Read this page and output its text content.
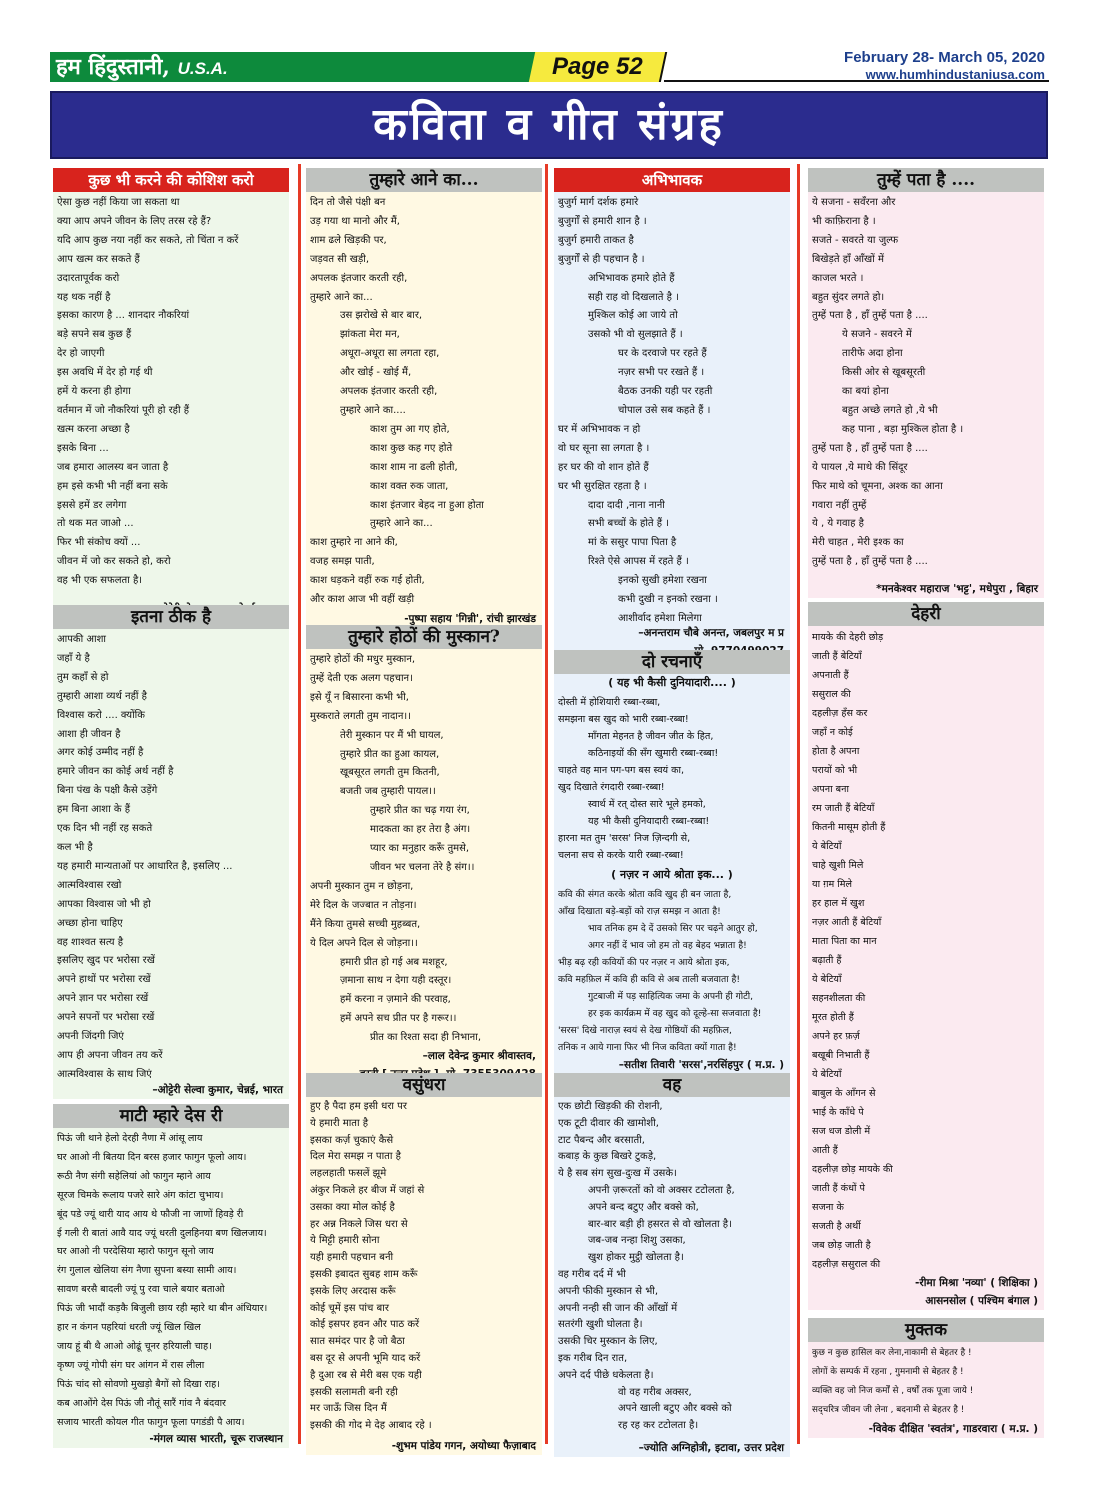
हम हिंदुस्तानी, U.S.A.	Page 52	February 28- March 05, 2020
www.humhindustaniusa.com
कविता व गीत संग्रह
कुछ भी करने की कोशिश करो
ऐसा कुछ नहीं किया जा सकता था
क्या आप अपने जीवन के लिए तरस रहे हैं?
यदि आप कुछ नया नहीं कर सकते, तो चिंता न करें
आप खत्म कर सकते हैं
उदारतापूर्वक करो
यह थक नहीं है
इसका कारण है ... शानदार नौकरियां
बड़े सपने सब कुछ हैं
देर हो जाएगी
इस अवधि में देर हो गई थी
हमें ये करना ही होगा
वर्तमान में जो नौकरियां पूरी हो रही हैं
खत्म करना अच्छा है
इसके बिना ...
जब हमारा आलस्य बन जाता है
हम इसे कभी भी नहीं बना सके
इससे हमें डर लगेगा
तो थक मत जाओ ...
फिर भी संकोच क्यों ...
जीवन में जो कर सकते हो, करो
वह भी एक सफलता है।
इतना ठीक है
आपकी आशा
जहाँ ये है
तुम कहाँ से हो
तुम्हारी आशा व्यर्थ नहीं है
विश्वास करो .... क्योंकि
आशा ही जीवन है
अगर कोई उम्मीद नहीं है
हमारे जीवन का कोई अर्थ नहीं है
बिना पंख के पक्षी कैसे उड़ेंगे
हम बिना आशा के हैं
एक दिन भी नहीं रह सकते
कल भी है
यह हमारी मान्यताओं पर आधारित है, इसलिए ...
आत्मविश्वास रखो
आपका विश्वास जो भी हो
अच्छा होना चाहिए
वह शाश्वत सत्य है
इसलिए खुद पर भरोसा रखें
अपने हाथों पर भरोसा रखें
अपने ज्ञान पर भरोसा रखें
अपने सपनों पर भरोसा रखें
अपनी जिंदगी जिएं
आप ही अपना जीवन तय करें
आत्मविश्वास के साथ जिएं
–ओट्टेरी सेल्वा कुमार, चेन्नई, भारत
माटी म्हारे देस री
पिऊं जी थाने हेलो देरही नैणा में आंसू लाय
घर आओ नी बितया दिन बरस हजार फागुन फूलो आय।
रूठी नैण संगी सहेलियां ओ फागुन म्हाने आय
सूरज चिमके रूलाय पजरे सारे अंग कांटा चुभाय।
बूंद पडे ज्यूं थारी याद आय थे फौजी ना जाणों हिवड़े री
ई गली री बातां आवै याद ज्यूं धरती दुलहिनया बण खिलजाय।
घर आओ नी परदेसिया म्हारो फागुन सूनो जाय
रंग गुलाल खेलिया संग नैणा सुपना बस्या सामी आय।
सावण बरसै बादली ज्यूं पु रवा चाले बयार बताओ
पिऊं जी भादौं कड़कै बिजुली छाय रही म्हारे था बीन अंधियार।
हार न कंगन पहरियां धरती ज्यूं खिल खिल
जाय हूं बी थै आओ ओढूं चूनर हरियाली चाह।
कृष्ण ज्यूं गोपी संग घर आंगन में रास लीला
पिऊं चांद सो सोवणो मुखड़ो बैगों सो दिखा राह।
कब आओंगे देस पिऊं जी नौतूं सारैं गांव नै बंदवार
सजाय भारती कोयल गीत फागुन फूला पगडंडी पै आय।
-मंगल व्यास भारती, चूरू राजस्थान
तुम्हारे आने का...
दिन तो जैसे पंक्षी बन
उड़ गया था मानो और मैं,
शाम ढले खिड़की पर,
जड़वत सी खड़ी,
अपलक इंतजार करती रही,
तुम्हारे आने का...
उस झरोखे से बार बार,
झांकता मेरा मन,
अधूरा-अधूरा सा लगता रहा,
और खोई - खोई मैं,
अपलक इंतजार करती रही,
तुम्हारे आने का....
काश तुम आ गए होते,
काश कुछ कह गए होते
काश शाम ना ढली होती,
काश वक्त रुक जाता,
काश इंतजार बेहद ना हुआ होता
तुम्हारे आने का...
काश तुम्हारे ना आने की,
वजह समझ पाती,
काश धड़कने वहीं रुक गई होती,
और काश आज भी वहीं खड़ी
-पुष्पा सहाय 'गिन्नी', रांची झारखंड
तुम्हारे होठों की मुस्कान?
तुम्हारे होठों की मधुर मुस्कान,
तुम्हें देती एक अलग पहचान।
इसे यूँ न बिसारना कभी भी,
मुस्कराते लगती तुम नादान।।
तेरी मुस्कान पर मैं भी घायल,
तुम्हारे प्रीत का हुआ कायल,
खूबसूरत लगती तुम कितनी,
बजती जब तुम्हारी पायल।।
तुम्हारे प्रीत का चढ़ गया रंग,
मादकता का हर तेरा है अंग।
प्यार का मनुहार करूँ तुमसे,
जीवन भर चलना तेरे है संग।।
अपनी मुस्कान तुम न छोड़ना,
मेरे दिल के जज्बात न तोड़ना।
मैंने किया तुमसे सच्ची मुहब्बत,
ये दिल अपने दिल से जोड़ना।।
हमारी प्रीत हो गई अब मशहूर,
ज़माना साथ न देगा यही दस्तूर।
हमें करना न ज़माने की परवाह,
हमें अपने सच प्रीत पर है गरूर।।
प्रीत का रिश्ता सदा ही निभाना,
–लाल देवेन्द्र कुमार श्रीवास्तव,
वसुंधरा
हुए है पैदा हम इसी धरा पर
ये हमारी माता है
इसका कर्ज़ चुकाएं कैसे
दिल मेरा समझ न पाता है
लहलहाती फसलें झूमे
अंकुर निकले हर बीज में जहां से
उसका क्या मोल कोई है
हर अन्न निकले जिस धरा से
ये मिट्टी हमारी सोना
यही हमारी पहचान बनी
इसकी इबादत सुबह शाम करूँ
इसके लिए अरदास करूँ
कोई चूमें इस पांच बार
कोई इसपर हवन और पाठ करें
सात समंदर पार है जो बैठा
बस दूर से अपनी भूमि याद करें
है दुआ रब से मेरी बस एक यही
इसकी सलामती बनी रही
मर जाऊँ जिस दिन मैं
इसकी की गोद मे देह आबाद रहे ।
-शुभम पांडेय गगन, अयोध्या फैज़ाबाद
अभिभावक
बुजुर्ग मार्ग दर्शक हमारे
बुजुर्गों से हमारी शान है ।
बुजुर्ग हमारी ताकत है
बुजुर्गों से ही पहचान है ।
अभिभावक हमारे होते हैं
सही राह वो दिखलाते है ।
मुश्किल कोई आ जाये तो
उसको भी वो सुलझाते हैं ।
घर के दरवाजे पर रहते हैं
नज़र सभी पर रखते हैं ।
बैठक उनकी यही पर रहती
चोपाल उसे सब कहते हैं ।
घर में अभिभावक न हो
वो घर सूना सा लगता है ।
हर घर की वो शान होते हैं
घर भी सुरक्षित रहता है ।
दादा दादी ,नाना नानी
सभी बच्चों के होते हैं ।
मां के ससुर पापा पिता है
रिश्ते ऐसे आपस में रहते हैं ।
इनको सुखी हमेशा रखना
कभी दुखी न इनको रखना ।
आशीर्वाद हमेशा मिलेगा
–अनन्तराम चौबे अनन्त, जबलपुर म प्र
दो रचनाएँ
( यह भी कैसी दुनियादारी.... )
दोस्ती में होशियारी रब्बा-रब्बा,
समझना बस खुद को भारी रब्बा-रब्बा!
माँगता मेहनत है जीवन जीत के हित,
कठिनाइयों की सँग खुमारी रब्बा-रब्बा!
चाहते वह मान पग-पग बस स्वयं का,
खुद दिखाते रंगदारी रब्बा-रब्बा!
स्वार्थ में रत् दोस्त सारे भूले हमको,
यह भी कैसी दुनियादारी रब्बा-रब्बा!
हारना मत तुम 'सरस' निज ज़िन्दगी से,
चलना सच से करके यारी रब्बा-रब्बा!
( नज़र न आये श्रोता इक... )
कवि की संगत करके श्रोता कवि खुद ही बन जाता है,
आँख दिखाता बड़े-बड़ों को राज़ समझ न आता है!
भाव तनिक हम दे दें उसको सिर पर चढ़ने आतुर हो,
अगर नहीं दें भाव जो हम तो वह बेहद भन्नाता है!
भीड़ बढ़ रही कवियों की पर नज़र न आये श्रोता इक,
कवि महफ़िल में कवि ही कवि से अब ताली बजवाता है!
गुटबाजी में पड़ साहित्यिक जमा के अपनी ही गोटी,
हर इक कार्यक्रम में वह खुद को दूल्हे-सा सजवाता है!
'सरस' दिखे नाराज़ स्वयं से देख गोष्ठियों की महफ़िल,
तनिक न आये गाना फिर भी निज कविता क्यों गाता है!
–सतीश तिवारी 'सरस',नरसिंहपुर ( म.प्र. )
वह
एक छोटी खिड़की की रोशनी,
एक टूटी दीवार की खामोशी,
टाट पैबन्द और बरसाती,
कबाड़ के कुछ बिखरे टुकड़े,
ये है सब संग सुख-दुःख में उसके।
अपनी ज़रूरतों को वो अक्सर टटोलता है,
अपने बन्द बटुए और बक्से को,
बार-बार बड़ी ही हसरत से वो खोलता है।
जब-जब नन्हा शिशु उसका,
खुश होकर मुट्ठी खोलता है।
वह गरीब दर्द में भी
अपनी फीकी मुस्कान से भी,
अपनी नन्ही सी जान की आँखों में
सतरंगी खुशी घोलता है।
उसकी चिर मुस्कान के लिए,
इक गरीब दिन रात,
अपने दर्द पीछे धकेलता है।
वो वह गरीब अक्सर,
अपने खाली बटुए और बक्से को
रह रह कर टटोलता है।
–ज्योति अग्निहोत्री, इटावा, उत्तर प्रदेश
तुम्हें पता है ....
ये सजना - सवँरना और
भी काफ़िराना है ।
सजते - सवरते या जुल्फ
बिखेड़ते हाँ आँखों में
काजल भरते ।
बहुत सुंदर लगते हो।
तुम्हें पता है , हाँ तुम्हें पता है ....
ये सजने - सवरने में
तारीफे अदा होना
किसी ओर से खूबसूरती
का बयां होना
बहुत अच्छे लगते हो ,ये भी
कह पाना , बड़ा मुश्किल होता है ।
तुम्हें पता है , हाँ तुम्हें पता है ....
ये पायल ,ये माथे की सिंदूर
फिर माथे को चूमना, अश्क का आना
गवारा नहीं तुम्हें
ये , ये गवाह है
मेरी चाहत , मेरी इश्क का
तुम्हें पता है , हाँ तुम्हें पता है ....
*मनकेश्वर महाराज 'भट्ट', मधेपुरा , बिहार
देहरी
मायके की देहरी छोड़
जाती हैं बेटियाँ
अपनाती हैं
ससुराल की
दहलीज़ हँस कर
जहाँ न कोई
होता है अपना
परायों को भी
अपना बना
रम जाती हैं बेटियाँ
कितनी मासूम होती हैं
ये बेटियाँ
चाहे खुशी मिले
या ग़म मिले
हर हाल में खुश
नज़र आती हैं बेटियाँ
माता पिता का मान
बढ़ाती हैं
ये बेटियाँ
सहनशीलता की
मूरत होती हैं
अपने हर फ़र्ज़
बखूबी निभाती हैं
ये बेटियाँ
बाबुल के आँगन से
भाई के काँधे पे
सज धज डोली में
आती हैं
दहलीज़ छोड़ मायके की
जाती हैं कंधों पे
सजना के
सजती है अर्थी
जब छोड़ जाती है
दहलीज़ ससुराल की
-रीमा मिश्रा 'नव्या' ( शिक्षिका )
आसनसोल ( पश्चिम बंगाल )
मुक्तक
कुछ न कुछ हासिल कर लेना,नाकामी से बेहतर है !
लोगों के सम्पर्क में रहना , गुमनामी से बेहतर है !
व्यक्ति वह जो निज कर्मों से , वर्षों तक पूजा जाये !
सद्चरित्र जीवन जी लेना , बदनामी से बेहतर है !
-विवेक दीक्षित 'स्वतंत्र', गाडरवारा ( म.प्र. )
